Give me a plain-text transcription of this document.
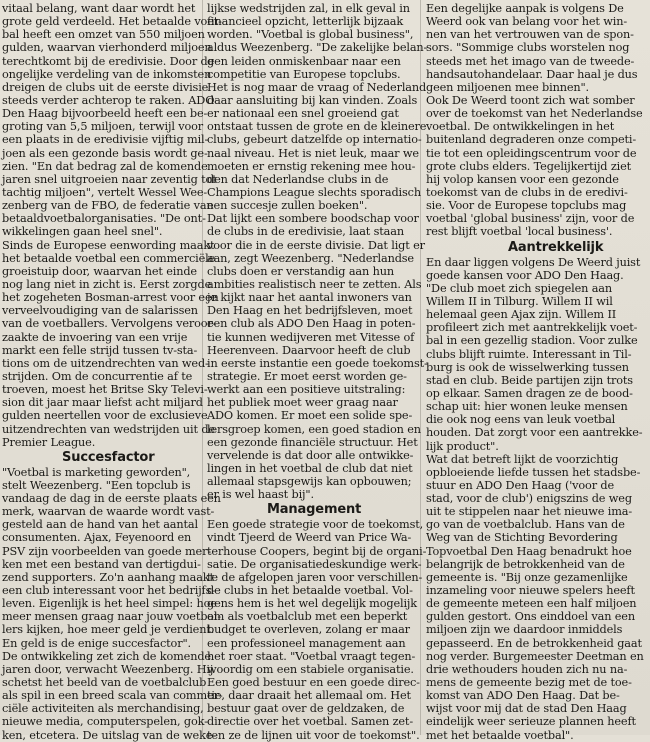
vitaal belang, want daar wordt het
grote geld verdeeld. Het betaalde voet-
bal heeft een omzet van 550 miljoen
gulden, waarvan vierhonderd miljoen
terechtkomt bij de eredivisie. Door de
ongelijke verdeling van de inkomsten
dreigen de clubs uit de eerste divisie
steeds verder achterop te raken. ADO
Den Haag bijvoorbeeld heeft een be-
groting van 5,5 miljoen, terwijl voor
een plaats in de eredivisie vijftig mil-
joen als een gezonde basis wordt ge-
zien. "En dat bedrag zal de komende
jaren snel uitgroeien naar zeventig tot
tachtig miljoen", vertelt Wessel Wee-
zenberg van de FBO, de federatie van
betaaldvoetbalorganisaties. "De ont-
wikkelingen gaan heel snel".
Sinds de Europese eenwording maakt
het betaalde voetbal een commerciële
groeistuip door, waarvan het einde
nog lang niet in zicht is. Eerst zorgde
het zogeheten Bosman-arrest voor een
verveelvoudiging van de salarissen
van de voetballers. Vervolgens veroor-
zaakte de invoering van een vrije
markt een felle strijd tussen tv-sta-
tions om de uitzendrechten van wed-
strijden. Om de concurrentie af te
troeven, moest het Britse Sky Televi-
sion dit jaar maar liefst acht miljard
gulden neertellen voor de exclusieve
uitzendrechten van wedstrijden uit de
Premier League.
Succesfactor
"Voetbal is marketing geworden",
stelt Weezenberg. "Een topclub is
vandaag de dag in de eerste plaats een
merk, waarvan de waarde wordt vast-
gesteld aan de hand van het aantal
consumenten. Ajax, Feyenoord en
PSV zijn voorbeelden van goede mer-
ken met een bestand van dertigdui-
zend supporters. Zo'n aanhang maakt
een club interessant voor het bedrijfs-
leven. Eigenlijk is het heel simpel: hoe
meer mensen graag naar jouw voetbal-
lers kijken, hoe meer geld je verdient.
En geld is de enige succesfactor".
De ontwikkeling zet zich de komende
jaren door, verwacht Weezenberg. Hij
schetst het beeld van de voetbalclub
als spil in een breed scala van commer-
ciële activiteiten als merchandising,
nieuwe media, computerspelen, gok-
ken, etcetera. De uitslag van de weke-
lijkse wedstrijden zal, in elk geval in
financieel opzicht, letterlijk bijzaak
worden. "Voetbal is global business",
aldus Weezenberg. "De zakelijke belan-
gen leiden onmiskenbaar naar een
competitie van Europese topclubs.
Het is nog maar de vraag of Nederland
daar aansluiting bij kan vinden. Zoals
er nationaal een snel groeiend gat
ontstaat tussen de grote en de kleinere
clubs, gebeurt datzelfde op internatio-
naal niveau. Het is niet leuk, maar we
moeten er ernstig rekening mee hou-
den dat Nederlandse clubs in de
Champions League slechts sporadisch
een succesje zullen boeken".
Dat lijkt een sombere boodschap voor
de clubs in de eredivisie, laat staan
voor die in de eerste divisie. Dat ligt er
aan, zegt Weezenberg. "Nederlandse
clubs doen er verstandig aan hun
ambities realistisch neer te zetten. Als
je kijkt naar het aantal inwoners van
Den Haag en het bedrijfsleven, moet
een club als ADO Den Haag in poten-
tie kunnen wedijveren met Vitesse of
Heerenveen. Daarvoor heeft de club
in eerste instantie een goede toekomst-
strategie. Er moet eerst worden ge-
werkt aan een positieve uitstraling:
het publiek moet weer graag naar
ADO komen. Er moet een solide spe-
lersgroep komen, een goed stadion en
een gezonde financiële structuur. Het
vervelende is dat door alle ontwikke-
lingen in het voetbal de club dat niet
allemaal stapsgewijs kan opbouwen;
er is wel haast bij".
Management
Een goede strategie voor de toekomst,
vindt Tjeerd de Weerd van Price Wa-
terhouse Coopers, begint bij de organi-
satie. De organisatiedeskundige werk-
te de afgelopen jaren voor verschillen-
de clubs in het betaalde voetbal. Vol-
gens hem is het wel degelijk mogelijk
om als voetbalclub met een beperkt
budget te overleven, zolang er maar
een professioneel management aan
het roer staat. "Voetbal vraagt tegen-
woordig om een stabiele organisatie.
Een goed bestuur en een goede direc-
tie, daar draait het allemaal om. Het
bestuur gaat over de geldzaken, de
directie over het voetbal. Samen zet-
ten ze de lijnen uit voor de toekomst".
Een degelijke aanpak is volgens De
Weerd ook van belang voor het win-
nen van het vertrouwen van de spon-
sors. "Sommige clubs worstelen nog
steeds met het imago van de tweede-
handsautohandelaar. Daar haal je dus
geen miljoenen mee binnen".
Ook De Weerd toont zich wat somber
over de toekomst van het Nederlandse
voetbal. De ontwikkelingen in het
buitenland degraderen onze competi-
tie tot een opleidingscentrum voor de
grote clubs elders. Tegelijkertijd ziet
hij volop kansen voor een gezonde
toekomst van de clubs in de eredivi-
sie. Voor de Europese topclubs mag
voetbal 'global business' zijn, voor de
rest blijft voetbal 'local business'.
Aantrekkelijk
En daar liggen volgens De Weerd juist
goede kansen voor ADO Den Haag.
"De club moet zich spiegelen aan
Willem II in Tilburg. Willem II wil
helemaal geen Ajax zijn. Willem II
profileert zich met aantrekkelijk voet-
bal in een gezellig stadion. Voor zulke
clubs blijft ruimte. Interessant in Til-
burg is ook de wisselwerking tussen
stad en club. Beide partijen zijn trots
op elkaar. Samen dragen ze de bood-
schap uit: hier wonen leuke mensen
die ook nog eens van leuk voetbal
houden. Dat zorgt voor een aantrekke-
lijk product".
Wat dat betreft lijkt de voorzichtig
opbloeiende liefde tussen het stadsbe-
stuur en ADO Den Haag ('voor de
stad, voor de club') enigszins de weg
uit te stippelen naar het nieuwe ima-
go van de voetbalclub. Hans van de
Weg van de Stichting Bevordering
Topvoetbal Den Haag benadrukt hoe
belangrijk de betrokkenheid van de
gemeente is. "Bij onze gezamenlijke
inzameling voor nieuwe spelers heeft
de gemeente meteen een half miljoen
gulden gestort. Ons einddoel van een
miljoen zijn we daardoor inmiddels
gepasseerd. En de betrokkenheid gaat
nog verder. Burgemeester Deetman en
drie wethouders houden zich nu na-
mens de gemeente bezig met de toe-
komst van ADO Den Haag. Dat be-
wijst voor mij dat de stad Den Haag
eindelijk weer serieuze plannen heeft
met het betaalde voetbal".
